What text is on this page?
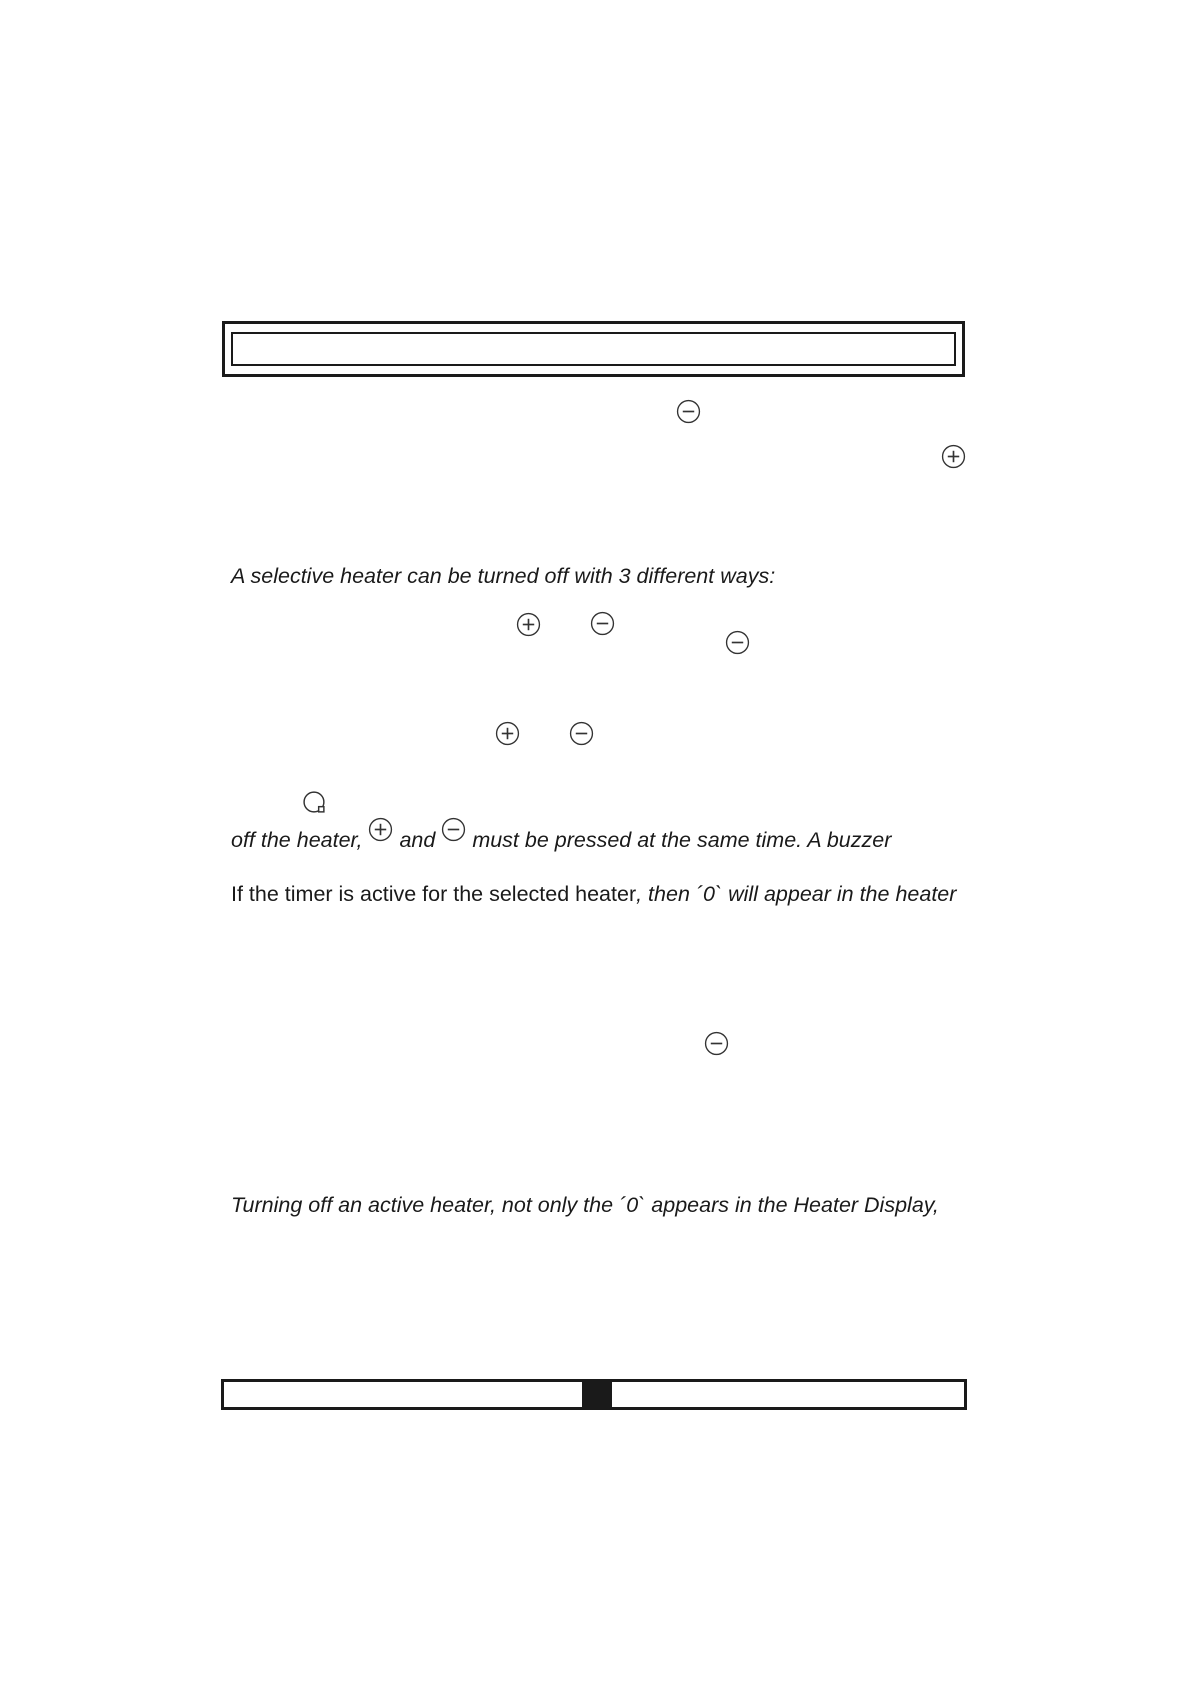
A selective heater can be turned off with 3 different ways:
off the heater, and must be pressed at the same time. A buzzer
If the timer is active for the selected heater, then ´0` will appear in the heater
Turning off an active heater, not only the ´0` appears in the Heater Display,
